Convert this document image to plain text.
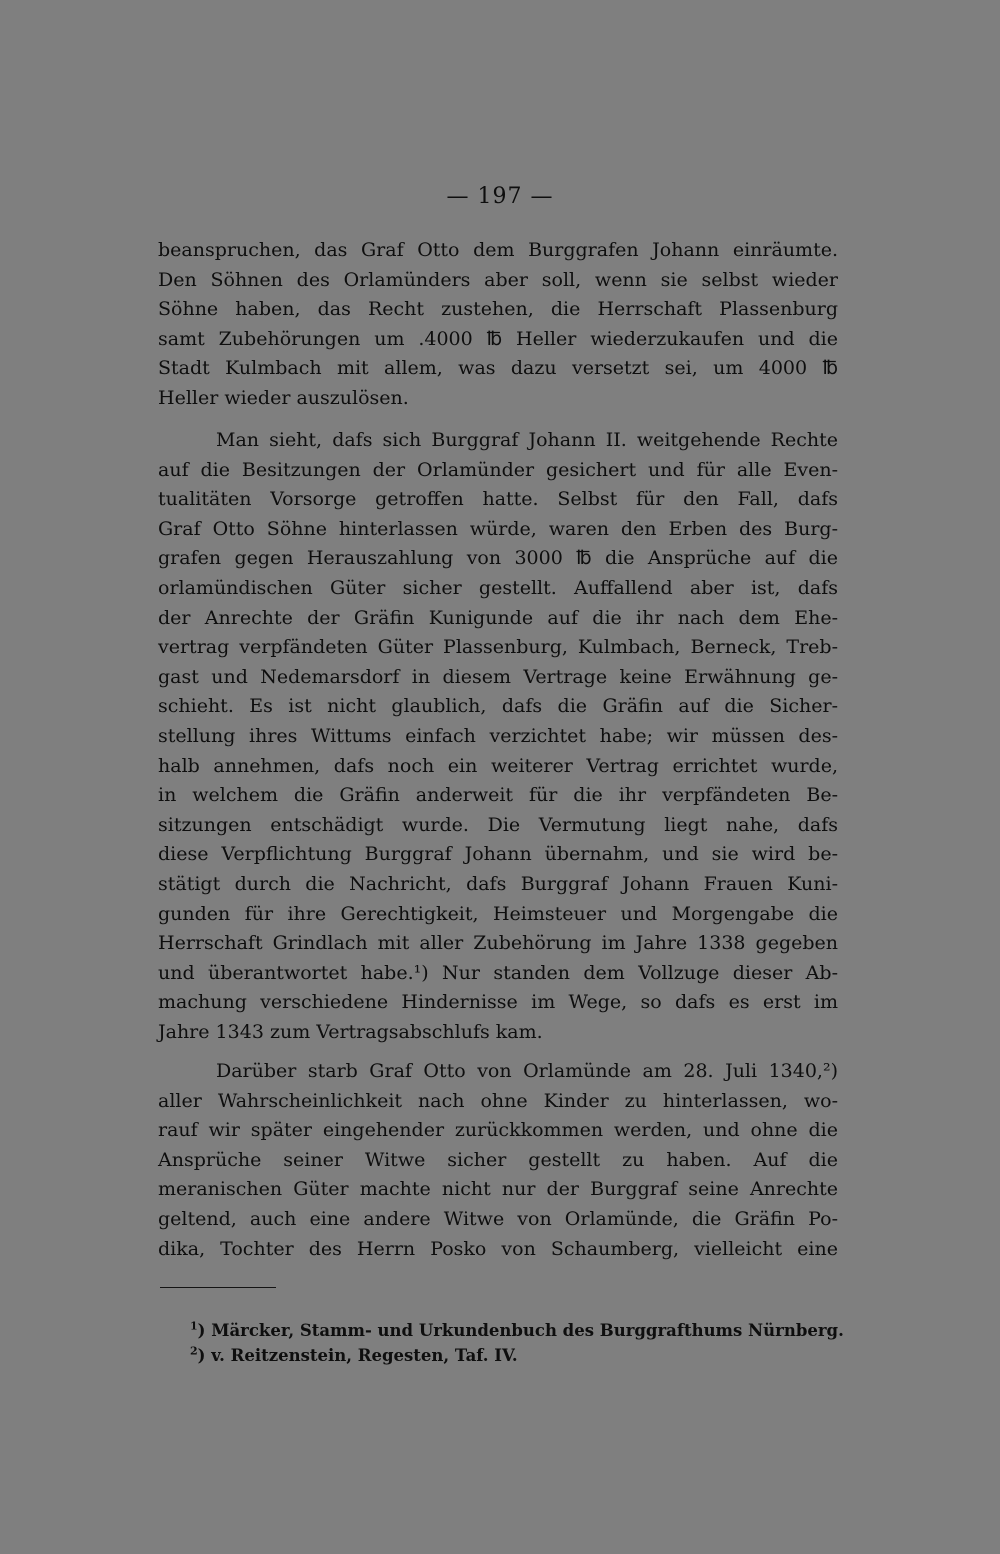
— 197 —
beanspruchen, das Graf Otto dem Burggrafen Johann einräumte.
Den Söhnen des Orlamünders aber soll, wenn sie selbst wieder
Söhne haben, das Recht zustehen, die Herrschaft Plassenburg
samt Zubehörungen um .4000 ℔ Heller wiederzukaufen und die
Stadt Kulmbach mit allem, was dazu versetzt sei, um 4000 ℔
Heller wieder auszulösen.
Man sieht, dafs sich Burggraf Johann II. weitgehende Rechte
auf die Besitzungen der Orlamünder gesichert und für alle Even-
tualitäten Vorsorge getroffen hatte. Selbst für den Fall, dafs
Graf Otto Söhne hinterlassen würde, waren den Erben des Burg-
grafen gegen Herauszahlung von 3000 ℔ die Ansprüche auf die
orlamündischen Güter sicher gestellt. Auffallend aber ist, dafs
der Anrechte der Gräfin Kunigunde auf die ihr nach dem Ehe-
vertrag verpfändeten Güter Plassenburg, Kulmbach, Berneck, Treb-
gast und Nedemarsdorf in diesem Vertrage keine Erwähnung ge-
schieht. Es ist nicht glaublich, dafs die Gräfin auf die Sicher-
stellung ihres Wittums einfach verzichtet habe; wir müssen des-
halb annehmen, dafs noch ein weiterer Vertrag errichtet wurde,
in welchem die Gräfin anderweit für die ihr verpfändeten Be-
sitzungen entschädigt wurde. Die Vermutung liegt nahe, dafs
diese Verpflichtung Burggraf Johann übernahm, und sie wird be-
stätigt durch die Nachricht, dafs Burggraf Johann Frauen Kuni-
gunden für ihre Gerechtigkeit, Heimsteuer und Morgengabe die
Herrschaft Grindlach mit aller Zubehörung im Jahre 1338 gegeben
und überantwortet habe.¹) Nur standen dem Vollzuge dieser Ab-
machung verschiedene Hindernisse im Wege, so dafs es erst im
Jahre 1343 zum Vertragsabschlufs kam.
Darüber starb Graf Otto von Orlamünde am 28. Juli 1340,²)
aller Wahrscheinlichkeit nach ohne Kinder zu hinterlassen, wo-
rauf wir später eingehender zurückkommen werden, und ohne die
Ansprüche seiner Witwe sicher gestellt zu haben. Auf die
meranischen Güter machte nicht nur der Burggraf seine Anrechte
geltend, auch eine andere Witwe von Orlamünde, die Gräfin Po-
dika, Tochter des Herrn Posko von Schaumberg, vielleicht eine
$^1$) Märcker, Stamm- und Urkundenbuch des Burggrafthums Nürnberg.
$^2$) v. Reitzenstein, Regesten, Taf. IV.
